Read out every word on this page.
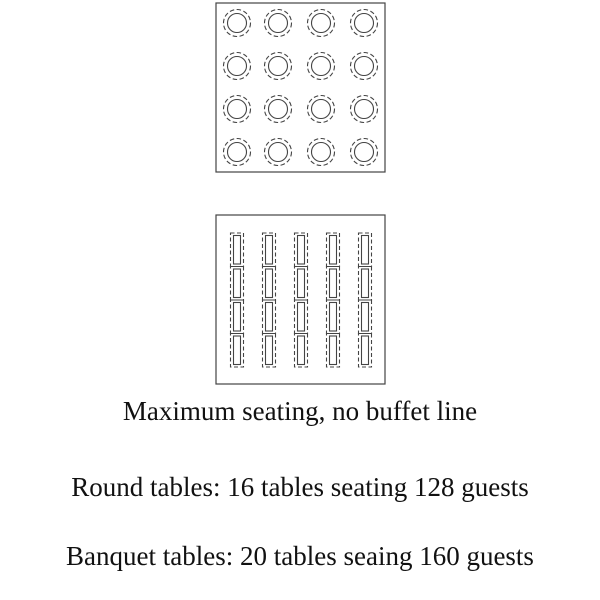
Maximum seating, no buffet line
Round tables: 16 tables seating 128 guests
Banquet tables: 20 tables seaing 160 guests
